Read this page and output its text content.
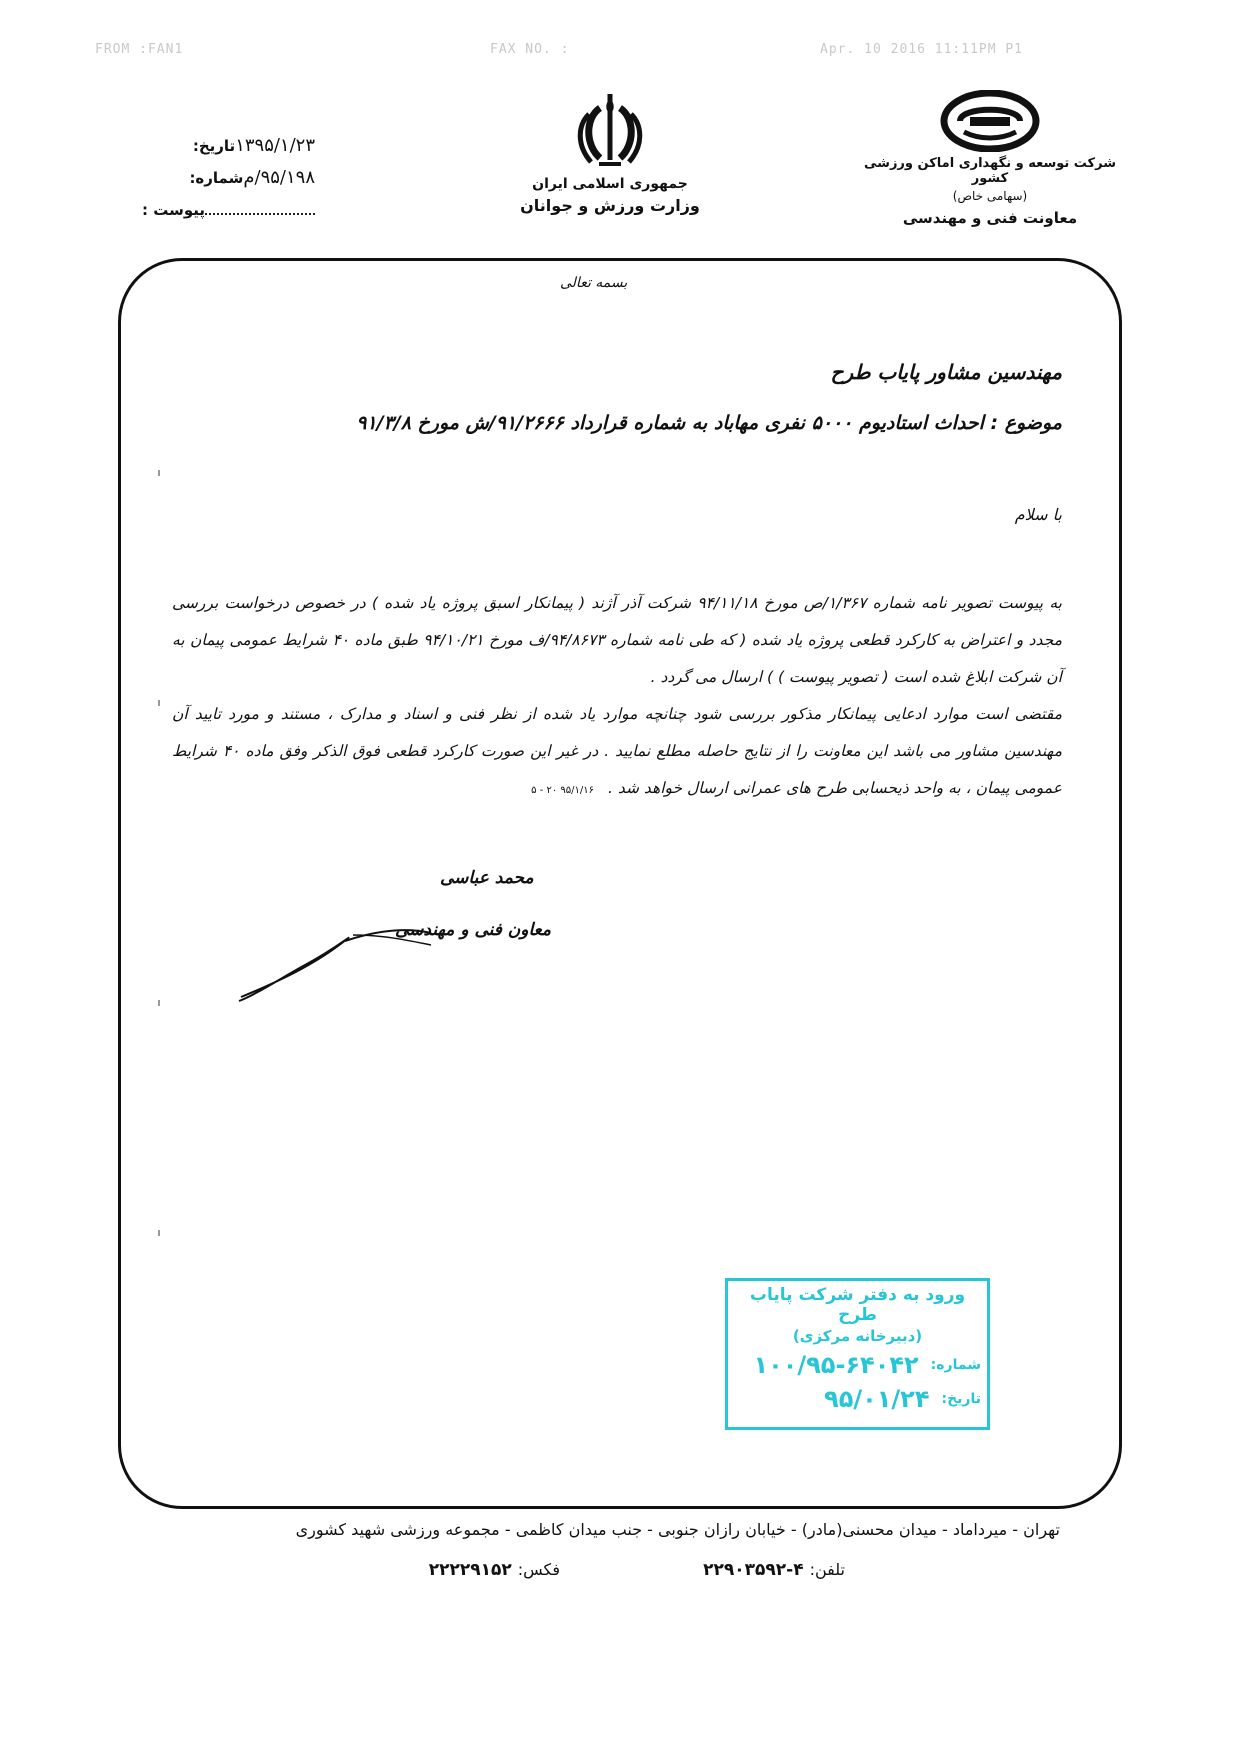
FROM :FAN1	FAX NO. :	Apr. 10 2016 11:11PM P1
تاریخ: ۱۳۹۵/۱/۲۳
شماره: ۹۵/۱۹۸/م
پیوست :
جمهوری اسلامی ایران
وزارت ورزش و جوانان
شرکت توسعه و نگهداری اماکن ورزشی کشور
(سهامی خاص)
معاونت فنی و مهندسی
بسمه تعالی
مهندسین مشاور پایاب طرح
موضوع : احداث استادیوم ۵۰۰۰ نفری مهاباد به شماره قرارداد ۹۱/۲۶۶۶/ش مورخ ۹۱/۳/۸
با سلام

به پیوست تصویر نامه شماره ۱/۳۶۷/ص مورخ ۹۴/۱۱/۱۸ شرکت آذر آژند ( پیمانکار اسبق پروژه یاد شده ) در خصوص درخواست بررسی مجدد و اعتراض به کارکرد قطعی پروژه یاد شده ( که طی نامه شماره ۹۴/۸۶۷۳/ف مورخ ۹۴/۱۰/۲۱ طبق ماده ۴۰ شرایط عمومی پیمان به آن شرکت ابلاغ شده است ( تصویر پیوست ) ) ارسال می گردد .

مقتضی است موارد ادعایی پیمانکار مذکور بررسی شود چنانچه موارد یاد شده از نظر فنی و اسناد و مدارک ، مستند و مورد تایید آن مهندسین مشاور می باشد این معاونت را از نتایج حاصله مطلع نمایید . در غیر این صورت کارکرد قطعی فوق الذکر وفق ماده ۴۰ شرایط عمومی پیمان ، به واحد ذیحسابی طرح های عمرانی ارسال خواهد شد .۹۵/۱/۱۶ ۲۰ - ۵

محمد عباسی
معاون فنی و مهندسی
ورود به دفتر شرکت پایاب طرح
(دبیرخانه مرکزی)
شماره:
۱۰۰/۹۵-۶۴۰۴۲
تاریخ:
۹۵/۰۱/۲۴
تهران - میرداماد - میدان محسنی(مادر) - خیابان رازان جنوبی - جنب میدان کاظمی - مجموعه ورزشی شهید کشوری
تلفن:۴-۲۲۹۰۳۵۹۲
فکس:۲۲۲۲۹۱۵۲
